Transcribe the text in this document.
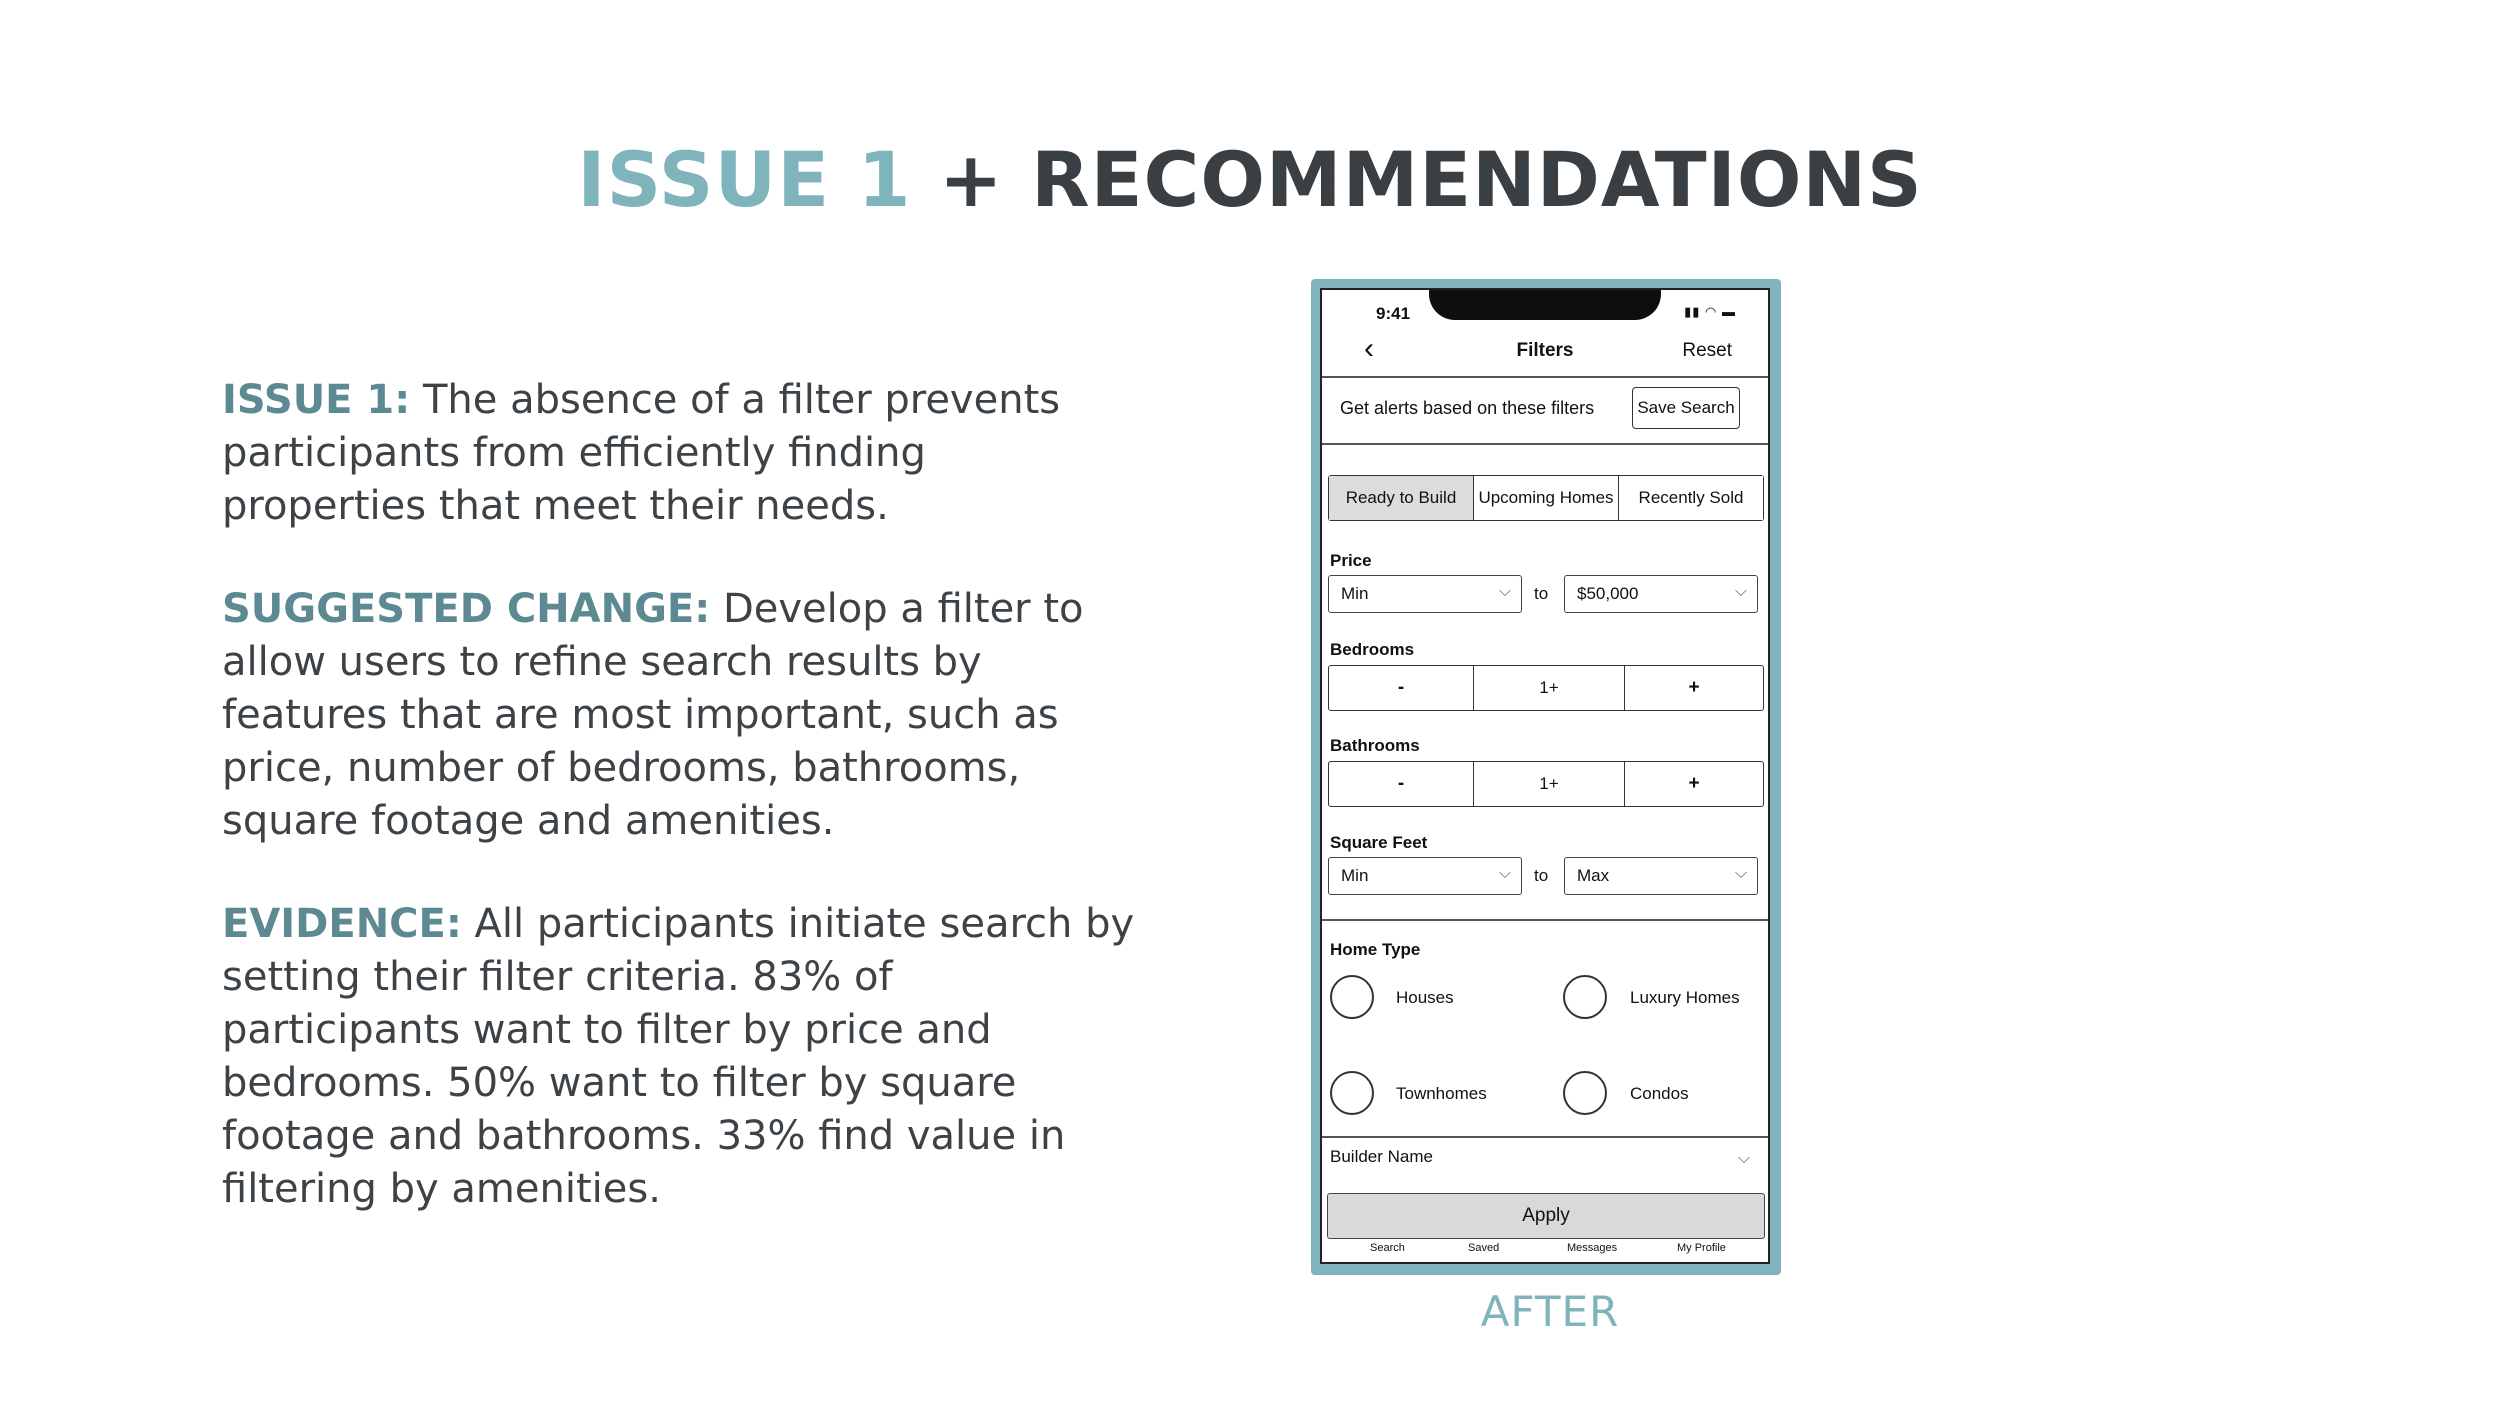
ISSUE 1 + RECOMMENDATIONS

ISSUE 1: The absence of a filter prevents participants from efficiently finding properties that meet their needs.

SUGGESTED CHANGE: Develop a filter to allow users to refine search results by features that are most important, such as price, number of bedrooms, bathrooms, square footage and amenities.

EVIDENCE: All participants initiate search by setting their filter criteria. 83% of participants want to filter by price and bedrooms. 50% want to filter by square footage and bathrooms. 33% find value in filtering by amenities.

9:41	▮▮ ◠ ▬
‹	Filters	Reset
Get alerts based on these filters	Save Search
Ready to Build	Upcoming Homes	Recently Sold
Price
Min	⌵ to $50,000	⌵
Bedrooms
-	1+	+
Bathrooms
-	1+	+
Square Feet
Min	⌵ to Max	⌵
Home Type
Houses	Luxury Homes
Townhomes	Condos
Builder Name	⌵
Apply
Search	Saved	Messages	My Profile
AFTER
